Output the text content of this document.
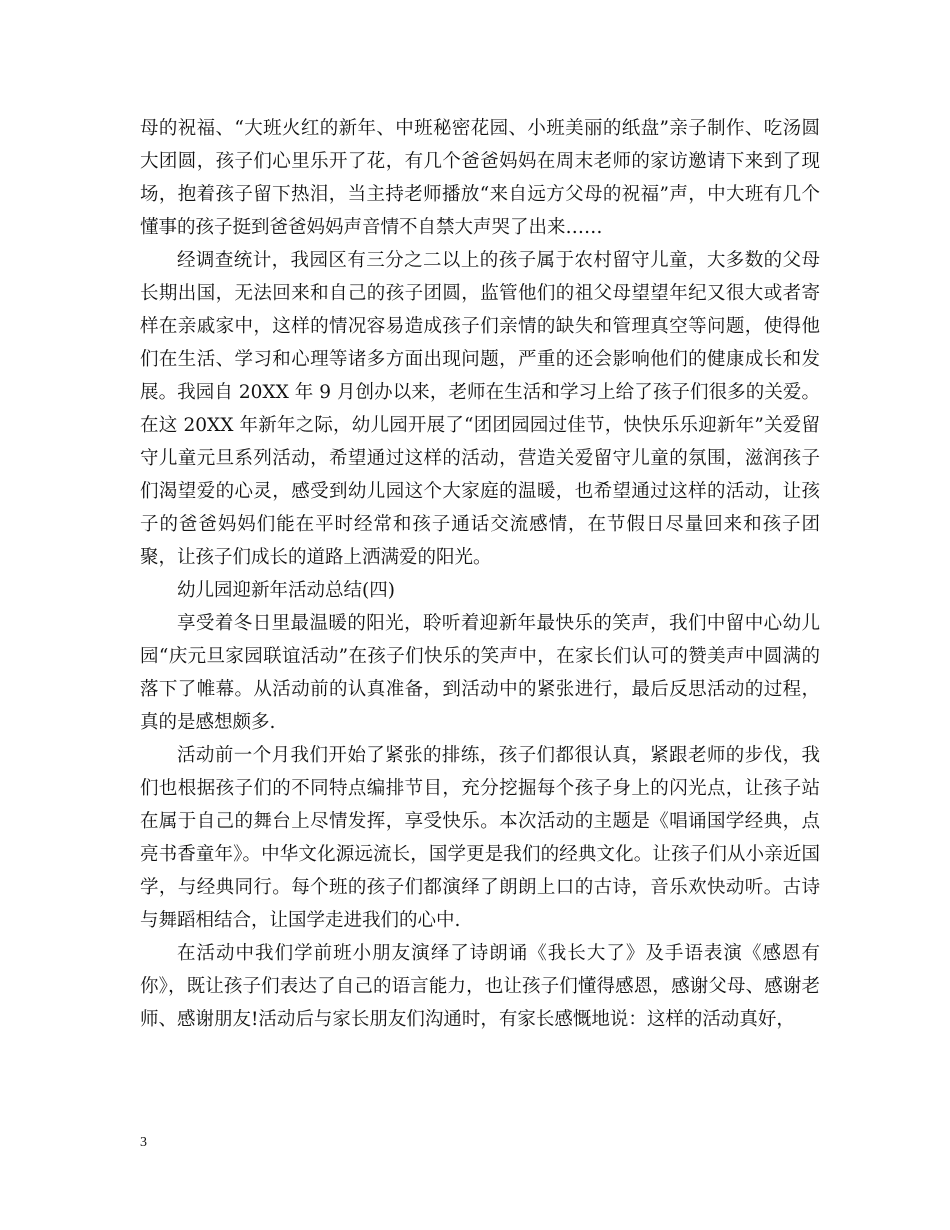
母的祝福、“大班火红的新年、中班秘密花园、小班美丽的纸盘”亲子制作、吃汤圆大团圆，孩子们心里乐开了花，有几个爸爸妈妈在周末老师的家访邀请下来到了现场，抱着孩子留下热泪，当主持老师播放“来自远方父母的祝福”声，中大班有几个懂事的孩子挺到爸爸妈妈声音情不自禁大声哭了出来……

经调查统计，我园区有三分之二以上的孩子属于农村留守儿童，大多数的父母长期出国，无法回来和自己的孩子团圆，监管他们的祖父母望望年纪又很大或者寄样在亲戚家中，这样的情况容易造成孩子们亲情的缺失和管理真空等问题，使得他们在生活、学习和心理等诸多方面出现问题，严重的还会影响他们的健康成长和发展。我园自 20XX 年 9 月创办以来，老师在生活和学习上给了孩子们很多的关爱。在这 20XX 年新年之际，幼儿园开展了“团团园园过佳节，快快乐乐迎新年”关爱留守儿童元旦系列活动，希望通过这样的活动，营造关爱留守儿童的氛围，滋润孩子们渴望爱的心灵，感受到幼儿园这个大家庭的温暖，也希望通过这样的活动，让孩子的爸爸妈妈们能在平时经常和孩子通话交流感情，在节假日尽量回来和孩子团聚，让孩子们成长的道路上洒满爱的阳光。

幼儿园迎新年活动总结(四)

享受着冬日里最温暖的阳光，聆听着迎新年最快乐的笑声，我们中留中心幼儿园“庆元旦家园联谊活动”在孩子们快乐的笑声中，在家长们认可的赞美声中圆满的落下了帷幕。从活动前的认真准备，到活动中的紧张进行，最后反思活动的过程，真的是感想颇多.

活动前一个月我们开始了紧张的排练，孩子们都很认真，紧跟老师的步伐，我们也根据孩子们的不同特点编排节目，充分挖掘每个孩子身上的闪光点，让孩子站在属于自己的舞台上尽情发挥，享受快乐。本次活动的主题是《唱诵国学经典，点亮书香童年》。中华文化源远流长，国学更是我们的经典文化。让孩子们从小亲近国学，与经典同行。每个班的孩子们都演绎了朗朗上口的古诗，音乐欢快动听。古诗与舞蹈相结合，让国学走进我们的心中.

在活动中我们学前班小朋友演绎了诗朗诵《我长大了》及手语表演《感恩有你》，既让孩子们表达了自己的语言能力，也让孩子们懂得感恩，感谢父母、感谢老师、感谢朋友!活动后与家长朋友们沟通时，有家长感慨地说：这样的活动真好，

3
